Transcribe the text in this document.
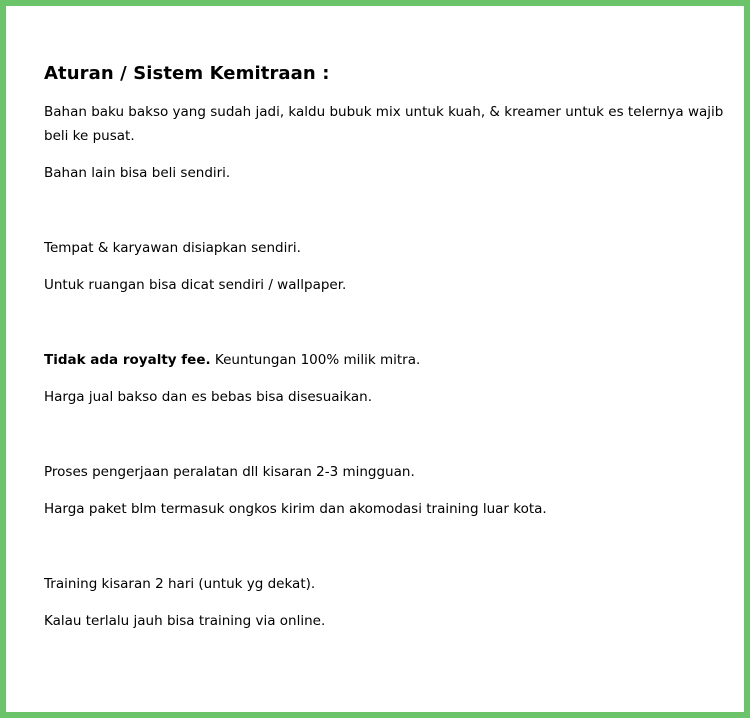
Aturan / Sistem Kemitraan :
Bahan baku bakso yang sudah jadi, kaldu bubuk mix untuk kuah, & kreamer untuk es telernya wajib beli ke pusat.
Bahan lain bisa beli sendiri.
Tempat & karyawan disiapkan sendiri.
Untuk ruangan bisa dicat sendiri / wallpaper.
Tidak ada royalty fee. Keuntungan 100% milik mitra.
Harga jual bakso dan es bebas bisa disesuaikan.
Proses pengerjaan peralatan dll kisaran 2-3 mingguan.
Harga paket blm termasuk ongkos kirim dan akomodasi training luar kota.
Training kisaran 2 hari (untuk yg dekat).
Kalau terlalu jauh bisa training via online.
